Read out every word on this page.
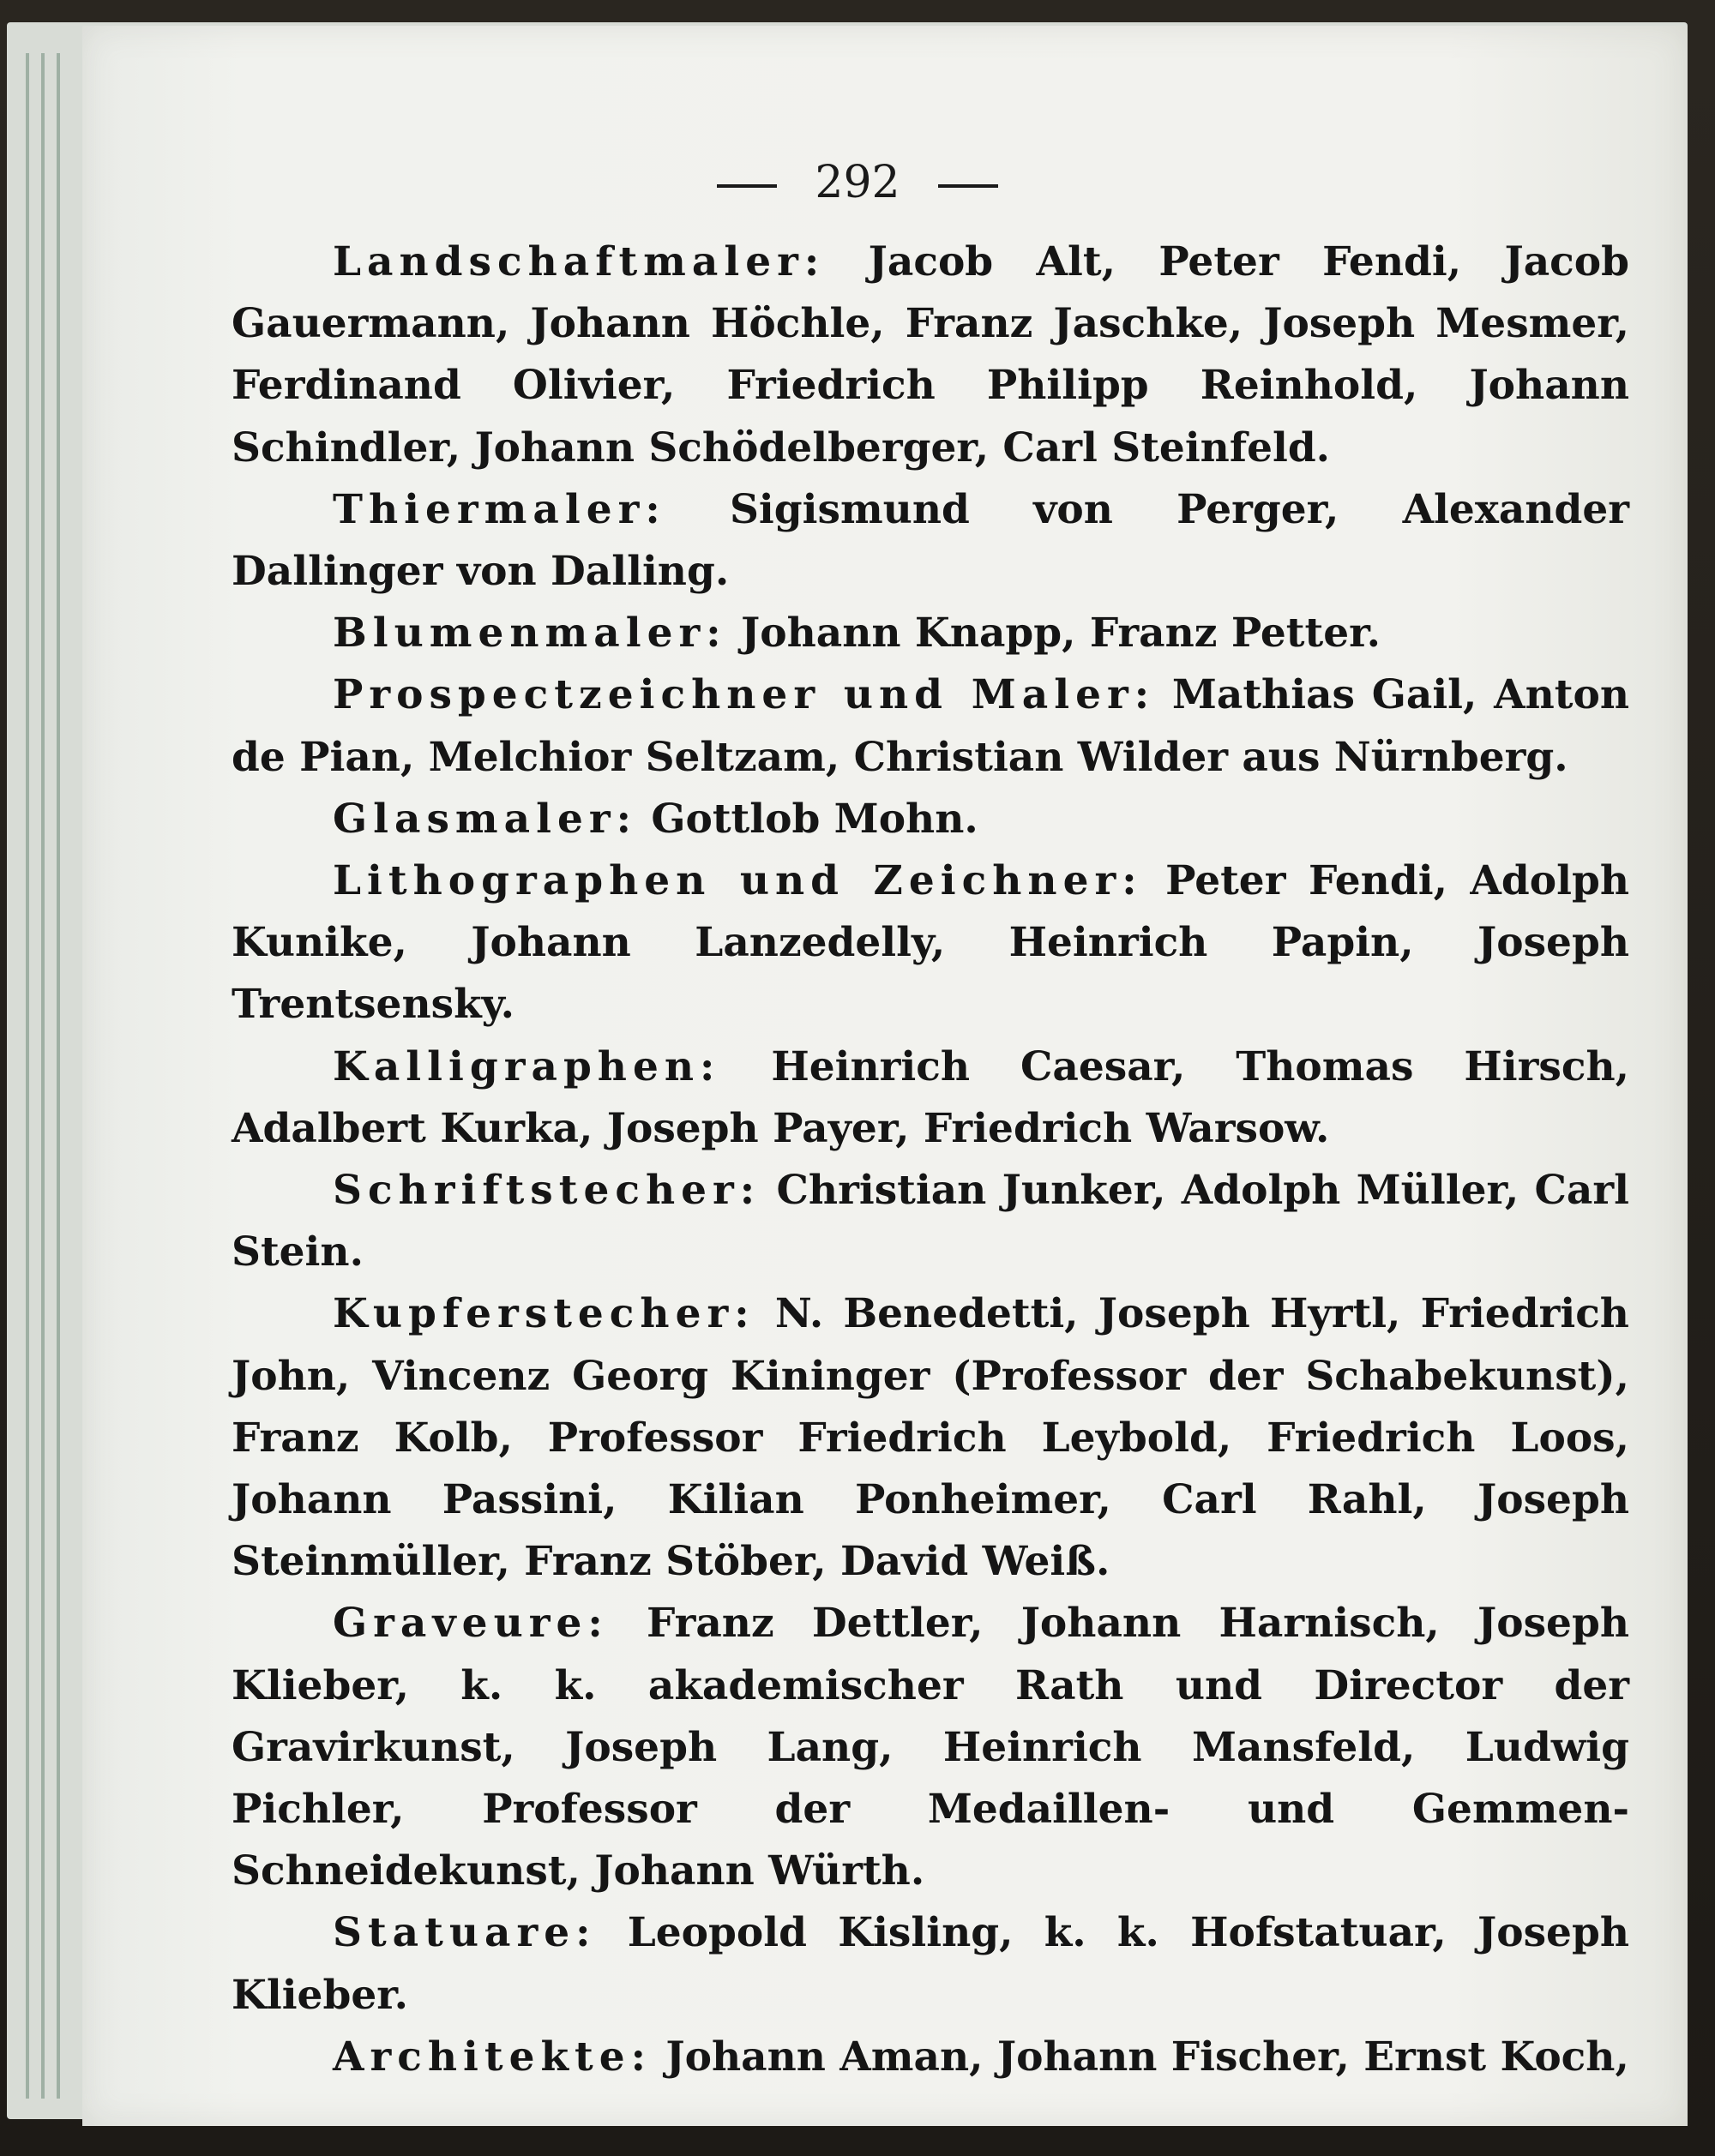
292

Landschaftmaler: Jacob Alt, Peter Fendi, Jacob Gauermann, Johann Höchle, Franz Jaschke, Joseph Mesmer, Ferdinand Olivier, Friedrich Philipp Reinhold, Johann Schindler, Johann Schödelberger, Carl Steinfeld.

Thiermaler: Sigismund von Perger, Alexander Dallinger von Dalling.

Blumenmaler: Johann Knapp, Franz Petter.

Prospectzeichner und Maler: Mathias Gail, Anton de Pian, Melchior Seltzam, Christian Wilder aus Nürnberg.

Glasmaler: Gottlob Mohn.

Lithographen und Zeichner: Peter Fendi, Adolph Kunike, Johann Lanzedelly, Heinrich Papin, Joseph Trentsensky.

Kalligraphen: Heinrich Caesar, Thomas Hirsch, Adalbert Kurka, Joseph Payer, Friedrich Warsow.

Schriftstecher: Christian Junker, Adolph Müller, Carl Stein.

Kupferstecher: N. Benedetti, Joseph Hyrtl, Friedrich John, Vincenz Georg Kininger (Professor der Schabekunst), Franz Kolb, Professor Friedrich Leybold, Friedrich Loos, Johann Passini, Kilian Ponheimer, Carl Rahl, Joseph Steinmüller, Franz Stöber, David Weiß.

Graveure: Franz Dettler, Johann Harnisch, Joseph Klieber, k. k. akademischer Rath und Director der Gravirkunst, Joseph Lang, Heinrich Mansfeld, Ludwig Pichler, Professor der Medaillen- und Gemmen-Schneidekunst, Johann Würth.

Statuare: Leopold Kisling, k. k. Hofstatuar, Joseph Klieber.

Architekte: Johann Aman, Johann Fischer, Ernst Koch,
